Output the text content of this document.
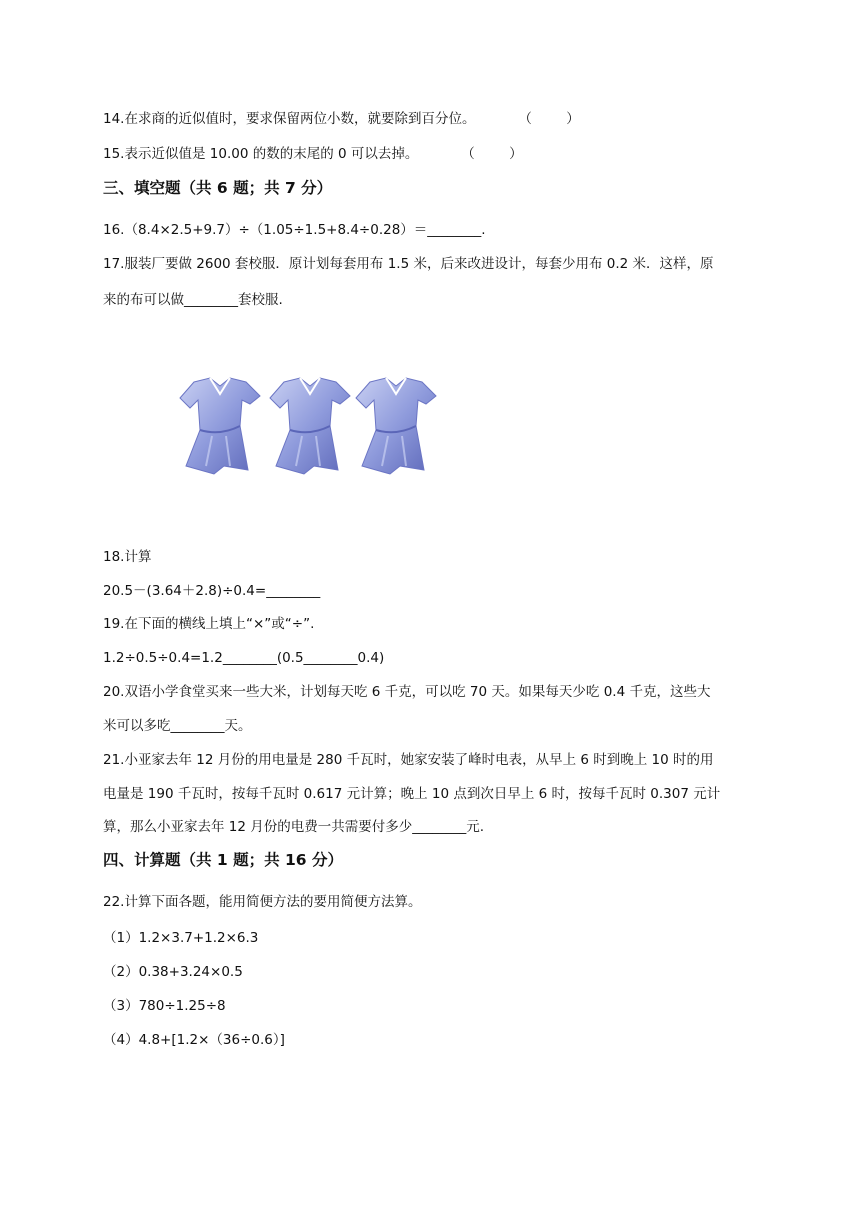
14.在求商的近似值时，要求保留两位小数，就要除到百分位。          （        ）
15.表示近似值是 10.00 的数的末尾的 0 可以去掉。          （        ）
三、填空题（共 6 题；共 7 分）
16.（8.4×2.5+9.7）÷（1.05÷1.5+8.4÷0.28）＝________.
17.服装厂要做 2600 套校服．原计划每套用布 1.5 米，后来改进设计，每套少用布 0.2 米．这样，原
来的布可以做________套校服.
18.计算
20.5－(3.64＋2.8)÷0.4=________
19.在下面的横线上填上“×”或“÷”.
1.2÷0.5÷0.4=1.2________(0.5________0.4)
20.双语小学食堂买来一些大米，计划每天吃 6 千克，可以吃 70 天。如果每天少吃 0.4 千克，这些大
米可以多吃________天。
21.小亚家去年 12 月份的用电量是 280 千瓦时，她家安装了峰时电表，从早上 6 时到晚上 10 时的用
电量是 190 千瓦时，按每千瓦时 0.617 元计算；晚上 10 点到次日早上 6 时，按每千瓦时 0.307 元计
算，那么小亚家去年 12 月份的电费一共需要付多少________元.
四、计算题（共 1 题；共 16 分）
22.计算下面各题，能用简便方法的要用简便方法算。
（1）1.2×3.7+1.2×6.3
（2）0.38+3.24×0.5
（3）780÷1.25÷8
（4）4.8+[1.2×（36÷0.6）]
